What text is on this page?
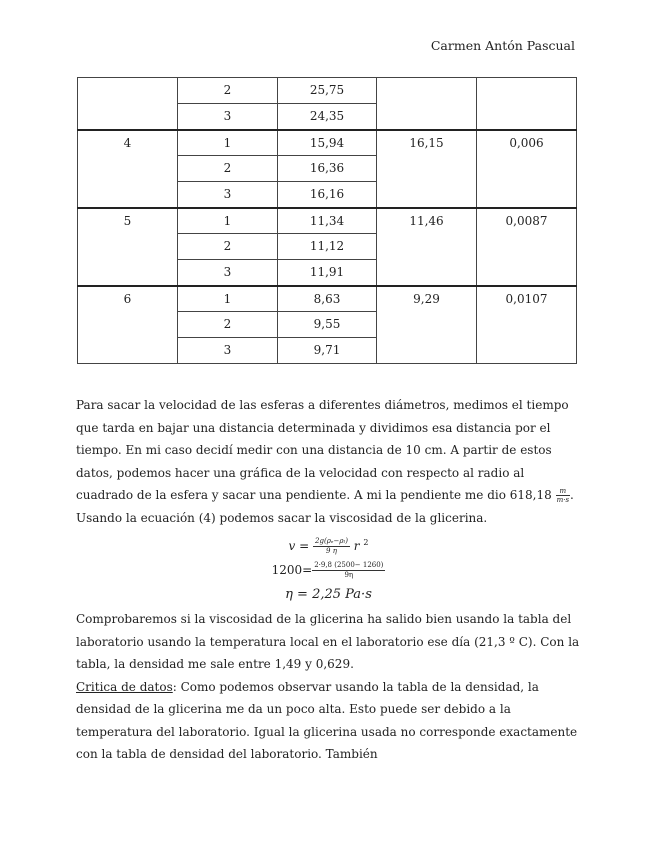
Carmen Antón Pascual
	2	25,75		
	3	24,35		
4	1	15,94	16,15	0,006
	2	16,36		
	3	16,16		
5	1	11,34	11,46	0,0087
	2	11,12		
	3	11,91		
6	1	8,63	9,29	0,0107
	2	9,55		
	3	9,71		

Para sacar la velocidad de las esferas a diferentes diámetros, medimos el tiempo que tarda en bajar una distancia determinada y dividimos esa distancia por el tiempo. En mi caso decidí medir con una distancia de 10 cm. A partir de estos datos, podemos hacer una gráfica de la velocidad con respecto al radio al cuadrado de la esfera y sacar una pendiente. A mi la pendiente me dio $618,18 \frac{m}{m\cdot s}$ . Usando la ecuación (4) podemos sacar la viscosidad de la glicerina.

$v = \frac{\text{2g(ρₑ−ρₗ)}}{9 \eta}$ r $^2$
$1200= \frac{2\cdot 9,8 (2500- 1260)}{9\eta}$
η = 2,25 Pa·s

Comprobaremos si la viscosidad de la glicerina ha salido bien usando la tabla del laboratorio usando la temperatura local en el laboratorio ese día (21,3 º C). Con la tabla, la densidad me sale entre 1,49 y 0,629.

Critica de datos: Como podemos observar usando la tabla de la densidad, la densidad de la glicerina me da un poco alta. Esto puede ser debido a la temperatura del laboratorio. Igual la glicerina usada no corresponde exactamente con la tabla de densidad del laboratorio. También
